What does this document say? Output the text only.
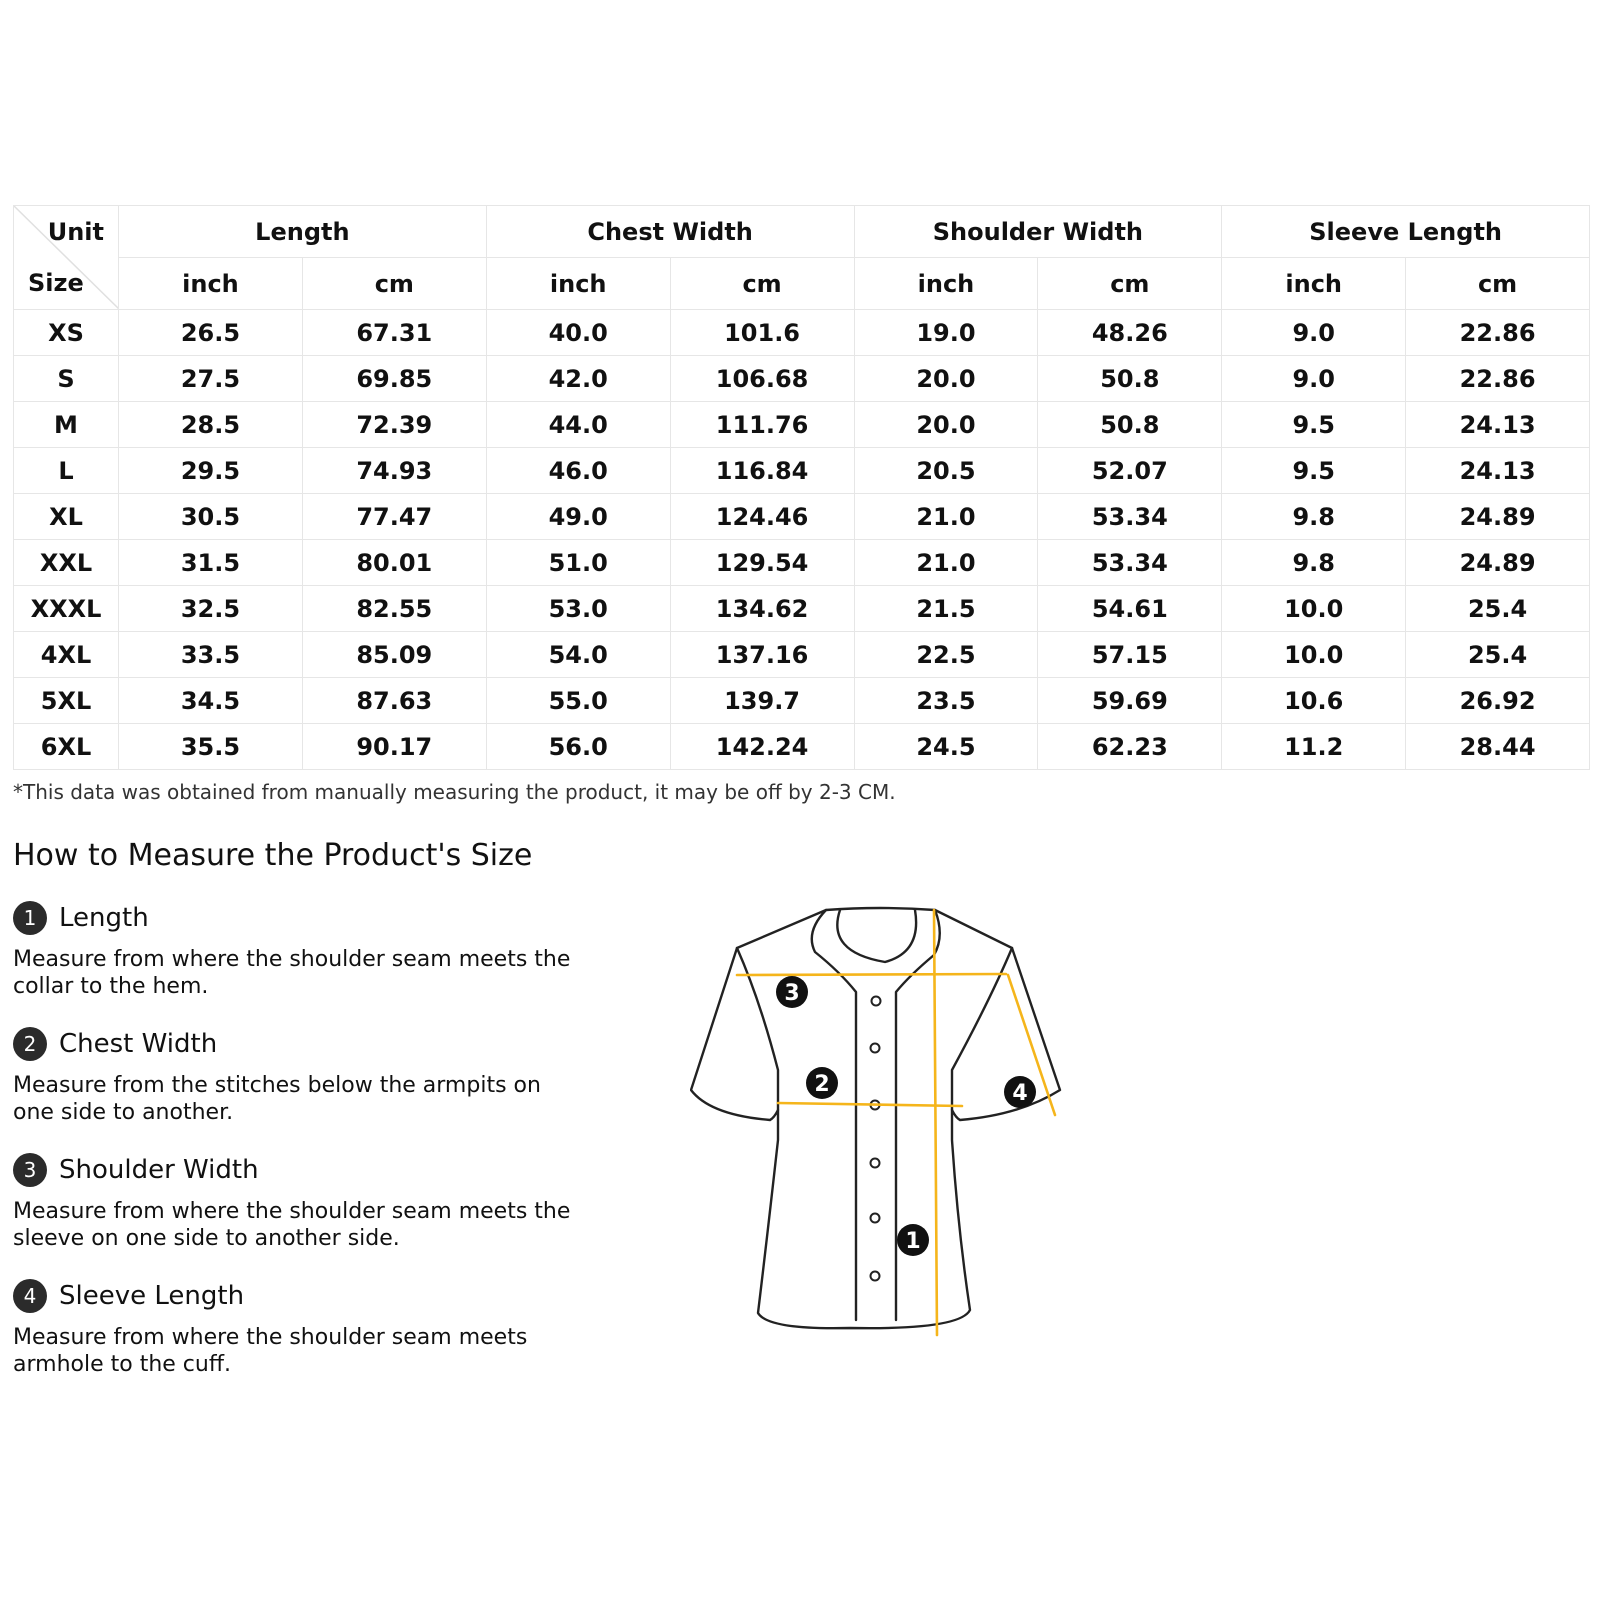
Unit
Size	Length		Chest Width		Shoulder Width		Sleeve Length	
	inch	cm	inch	cm	inch	cm	inch	cm
XS	26.5	67.31	40.0	101.6	19.0	48.26	9.0	22.86
S	27.5	69.85	42.0	106.68	20.0	50.8	9.0	22.86
M	28.5	72.39	44.0	111.76	20.0	50.8	9.5	24.13
L	29.5	74.93	46.0	116.84	20.5	52.07	9.5	24.13
XL	30.5	77.47	49.0	124.46	21.0	53.34	9.8	24.89
XXL	31.5	80.01	51.0	129.54	21.0	53.34	9.8	24.89
XXXL	32.5	82.55	53.0	134.62	21.5	54.61	10.0	25.4
4XL	33.5	85.09	54.0	137.16	22.5	57.15	10.0	25.4
5XL	34.5	87.63	55.0	139.7	23.5	59.69	10.6	26.92
6XL	35.5	90.17	56.0	142.24	24.5	62.23	11.2	28.44
*This data was obtained from manually measuring the product, it may be off by 2-3 CM.
How to Measure the Product's Size
1 Length
Measure from where the shoulder seam meets the collar to the hem.
2 Chest Width
Measure from the stitches below the armpits on one side to another.
3 Shoulder Width
Measure from where the shoulder seam meets the sleeve on one side to another side.
4 Sleeve Length
Measure from where the shoulder seam meets armhole to the cuff.
1
2
3
4
